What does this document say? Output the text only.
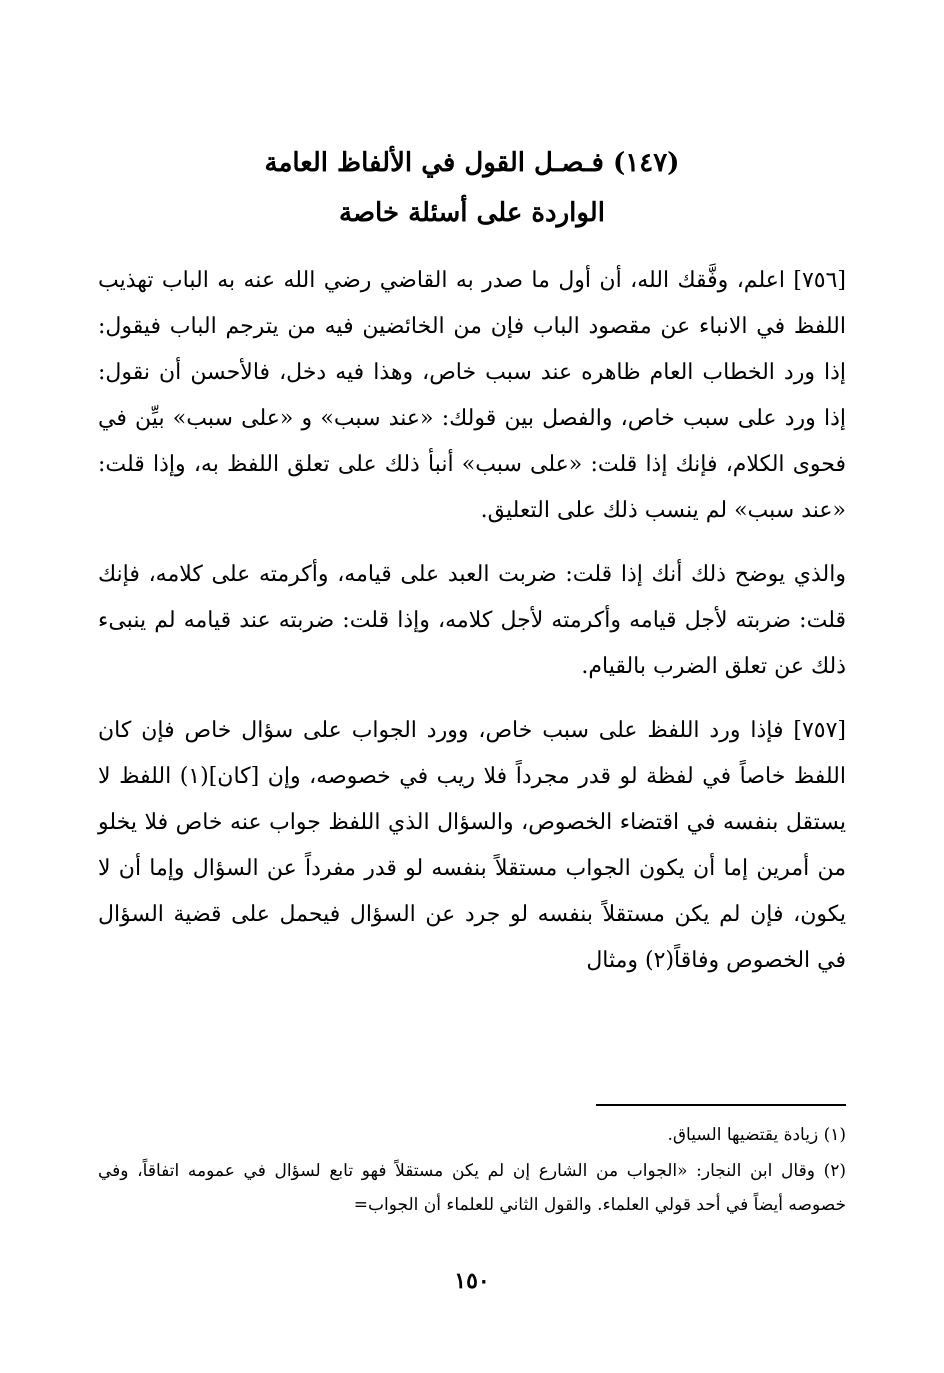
(١٤٧) فـصـل القول في الألفاظ العامة
الواردة على أسئلة خاصة

[٧٥٦] اعلم، وفَّقك الله، أن أول ما صدر به القاضي رضي الله عنه به الباب تهذيب اللفظ في الانباء عن مقصود الباب فإن من الخائضين فيه من يترجم الباب فيقول: إذا ورد الخطاب العام ظاهره عند سبب خاص، وهذا فيه دخل، فالأحسن أن نقول: إذا ورد على سبب خاص، والفصل بين قولك: «عند سبب» و «على سبب» بيِّن في فحوى الكلام، فإنك إذا قلت: «على سبب» أنبأ ذلك على تعلق اللفظ به، وإذا قلت: «عند سبب» لم ينسب ذلك على التعليق.

والذي يوضح ذلك أنك إذا قلت: ضربت العبد على قيامه، وأكرمته على كلامه، فإنك قلت: ضربته لأجل قيامه وأكرمته لأجل كلامه، وإذا قلت: ضربته عند قيامه لم ينبىء ذلك عن تعلق الضرب بالقيام.

[٧٥٧] فإذا ورد اللفظ على سبب خاص، وورد الجواب على سؤال خاص فإن كان اللفظ خاصاً في لفظة لو قدر مجرداً فلا ريب في خصوصه، وإن [كان](١) اللفظ لا يستقل بنفسه في اقتضاء الخصوص، والسؤال الذي اللفظ جواب عنه خاص فلا يخلو من أمرين إما أن يكون الجواب مستقلاً بنفسه لو قدر مفرداً عن السؤال وإما أن لا يكون، فإن لم يكن مستقلاً بنفسه لو جرد عن السؤال فيحمل على قضية السؤال في الخصوص وفاقاً(٢) ومثال

(١) زيادة يقتضيها السياق.

(٢) وقال ابن النجار: «الجواب من الشارع إن لم يكن مستقلاً فهو تابع لسؤال في عمومه اتفاقاً، وفي خصوصه أيضاً في أحد قولي العلماء. والقول الثاني للعلماء أن الجواب=

١٥٠
